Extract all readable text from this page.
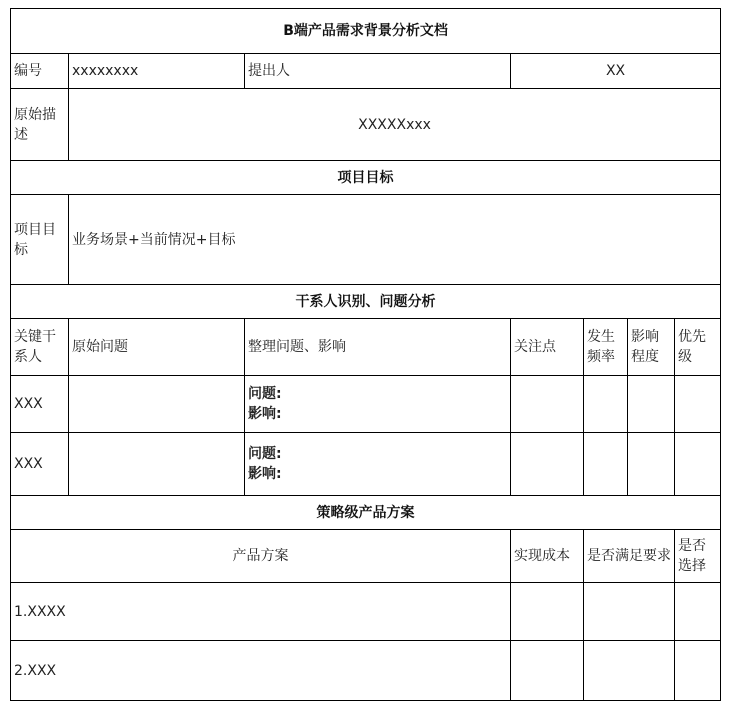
B端产品需求背景分析文档						
编号	xxxxxxxx	提出人	XX			
原始描述	XXXXXxxx					
项目目标						
项目目标	业务场景+当前情况+目标					
干系人识别、问题分析						
关键干系人	原始问题	整理问题、影响	关注点	发生频率	影响程度	优先级
XXX		问题:
影响:				

XXX		问题:
影响:				

策略级产品方案						
产品方案			实现成本	是否满足要求		是否选择
1.XXXX						
2.XXX						
